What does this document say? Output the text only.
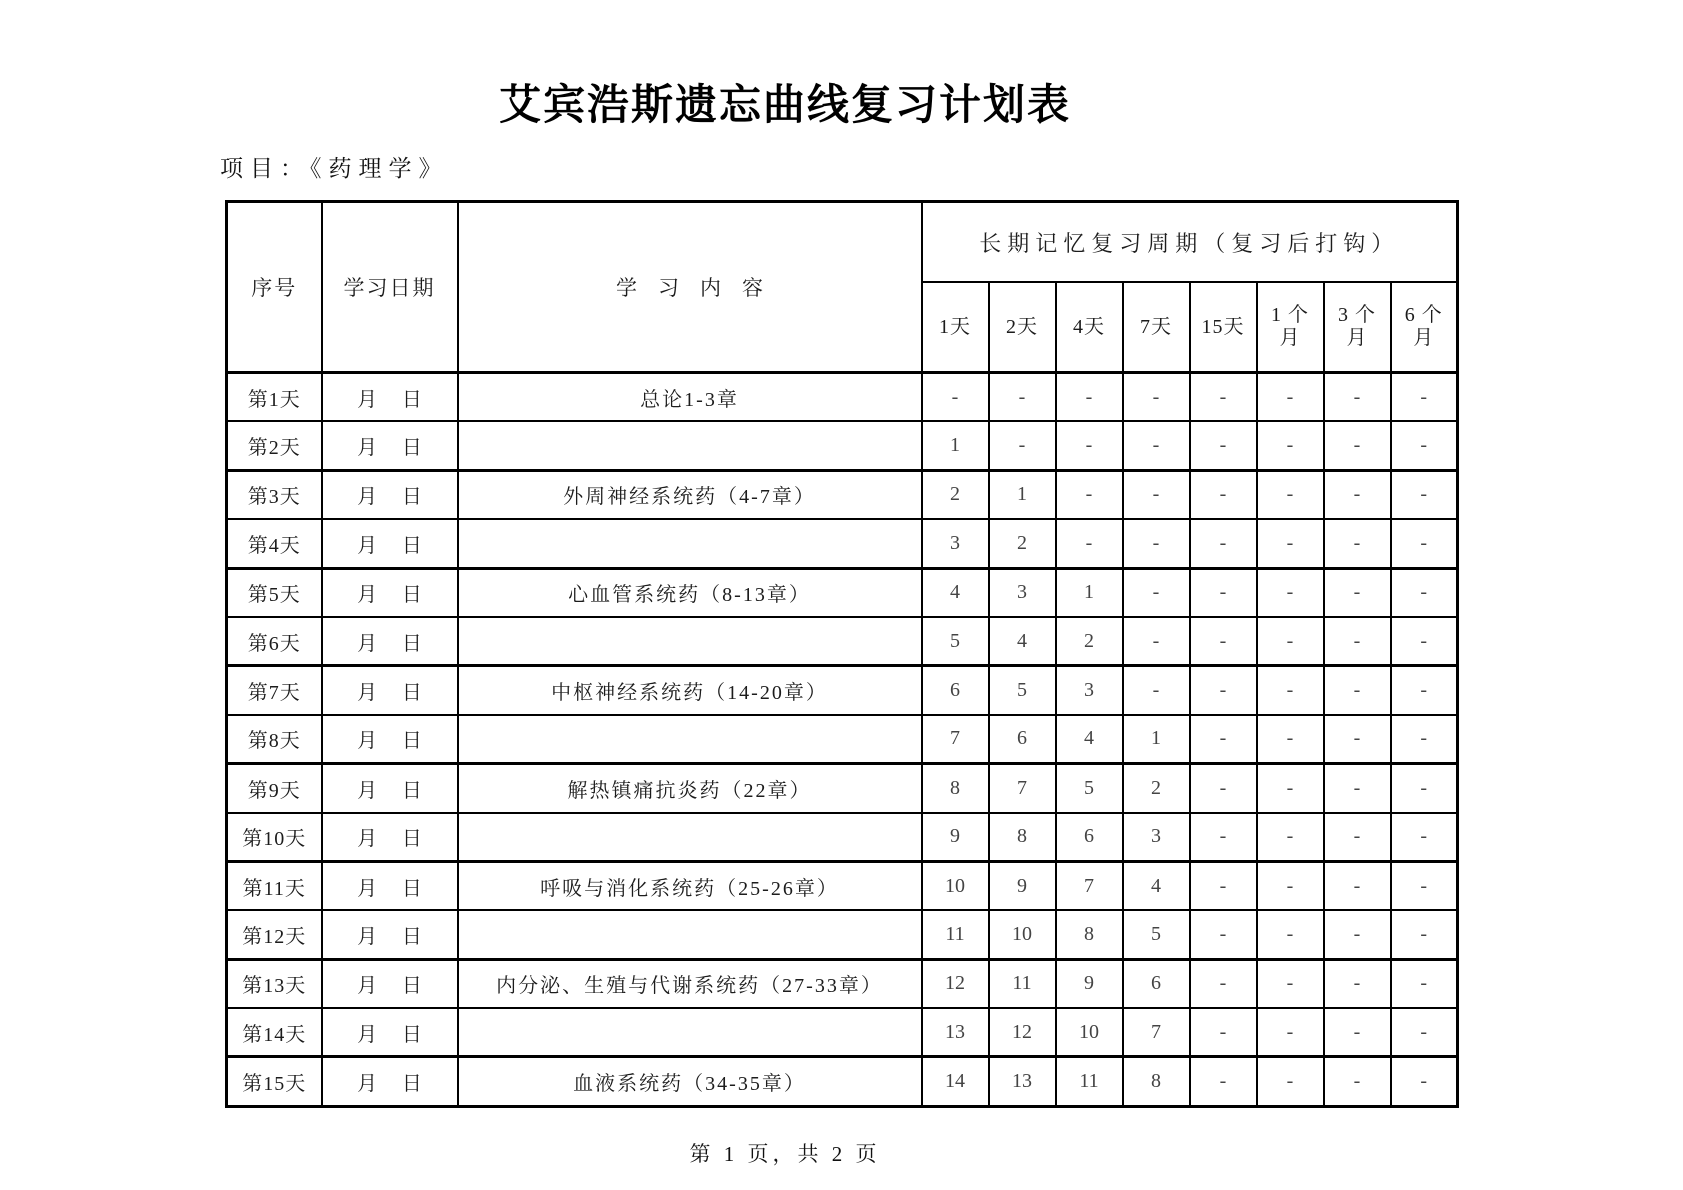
艾宾浩斯遗忘曲线复习计划表
项目：《药理学》
序号	学习日期	学　习　内　容	长期记忆复习周期（复习后打钩）							
			1天	2天	4天	7天	15天	1 个月	3 个月	6 个月
第1天	月 日	总论1-3章	-	-	-	-	-	-	-	-
第2天	月 日		1	-	-	-	-	-	-	-
第3天	月 日	外周神经系统药（4-7章）	2	1	-	-	-	-	-	-
第4天	月 日		3	2	-	-	-	-	-	-
第5天	月 日	心血管系统药（8-13章）	4	3	1	-	-	-	-	-
第6天	月 日		5	4	2	-	-	-	-	-
第7天	月 日	中枢神经系统药（14-20章）	6	5	3	-	-	-	-	-
第8天	月 日		7	6	4	1	-	-	-	-
第9天	月 日	解热镇痛抗炎药（22章）	8	7	5	2	-	-	-	-
第10天	月 日		9	8	6	3	-	-	-	-
第11天	月 日	呼吸与消化系统药（25-26章）	10	9	7	4	-	-	-	-
第12天	月 日		11	10	8	5	-	-	-	-
第13天	月 日	内分泌、生殖与代谢系统药（27-33章）	12	11	9	6	-	-	-	-
第14天	月 日		13	12	10	7	-	-	-	-
第15天	月 日	血液系统药（34-35章）	14	13	11	8	-	-	-	-
第 1 页，共 2 页
